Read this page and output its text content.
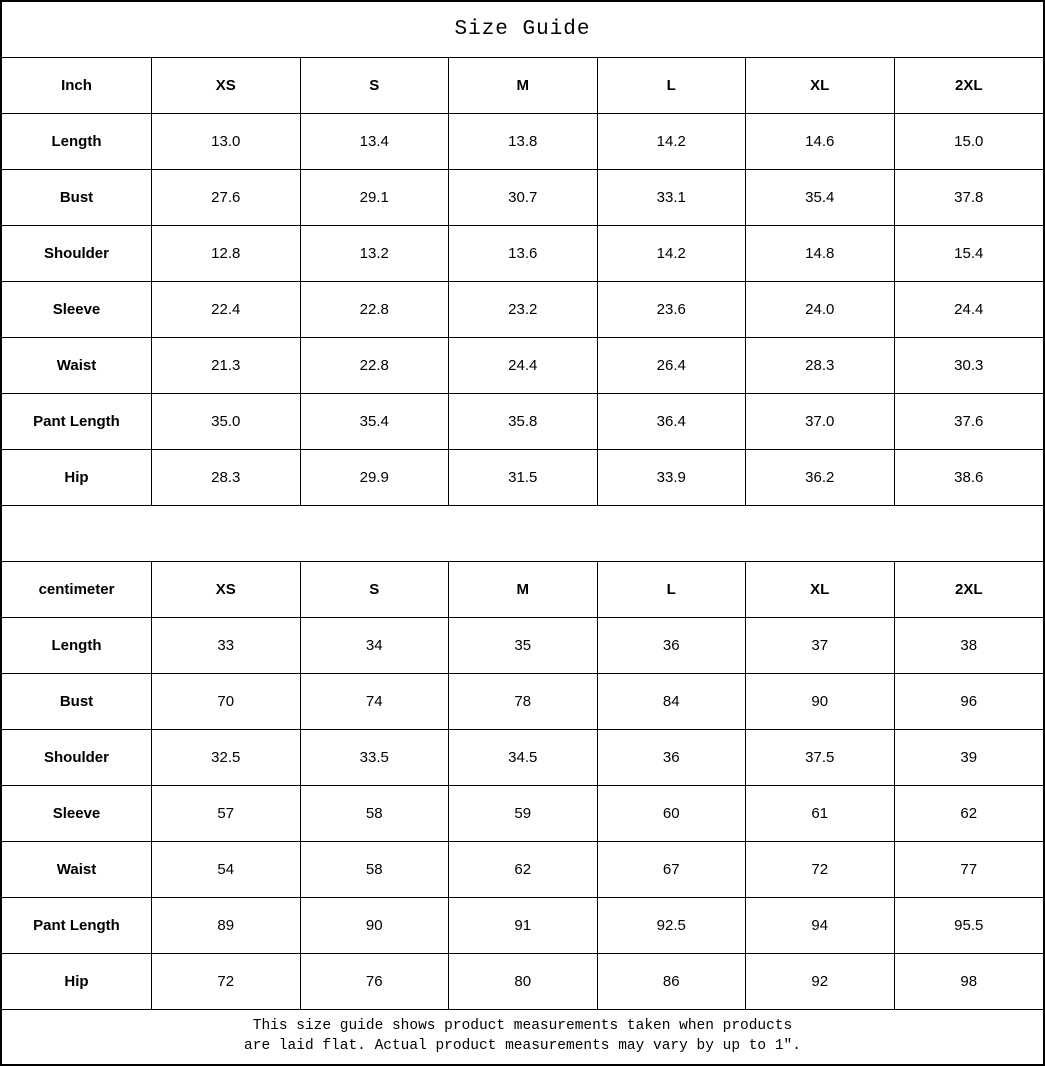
Size Guide
Inch	XS	S	M	L	XL	2XL
Length	13.0	13.4	13.8	14.2	14.6	15.0
Bust	27.6	29.1	30.7	33.1	35.4	37.8
Shoulder	12.8	13.2	13.6	14.2	14.8	15.4
Sleeve	22.4	22.8	23.2	23.6	24.0	24.4
Waist	21.3	22.8	24.4	26.4	28.3	30.3
Pant Length	35.0	35.4	35.8	36.4	37.0	37.6
Hip	28.3	29.9	31.5	33.9	36.2	38.6
centimeter	XS	S	M	L	XL	2XL
Length	33	34	35	36	37	38
Bust	70	74	78	84	90	96
Shoulder	32.5	33.5	34.5	36	37.5	39
Sleeve	57	58	59	60	61	62
Waist	54	58	62	67	72	77
Pant Length	89	90	91	92.5	94	95.5
Hip	72	76	80	86	92	98
This size guide shows product measurements taken when products
are laid flat. Actual product measurements may vary by up to 1″.
